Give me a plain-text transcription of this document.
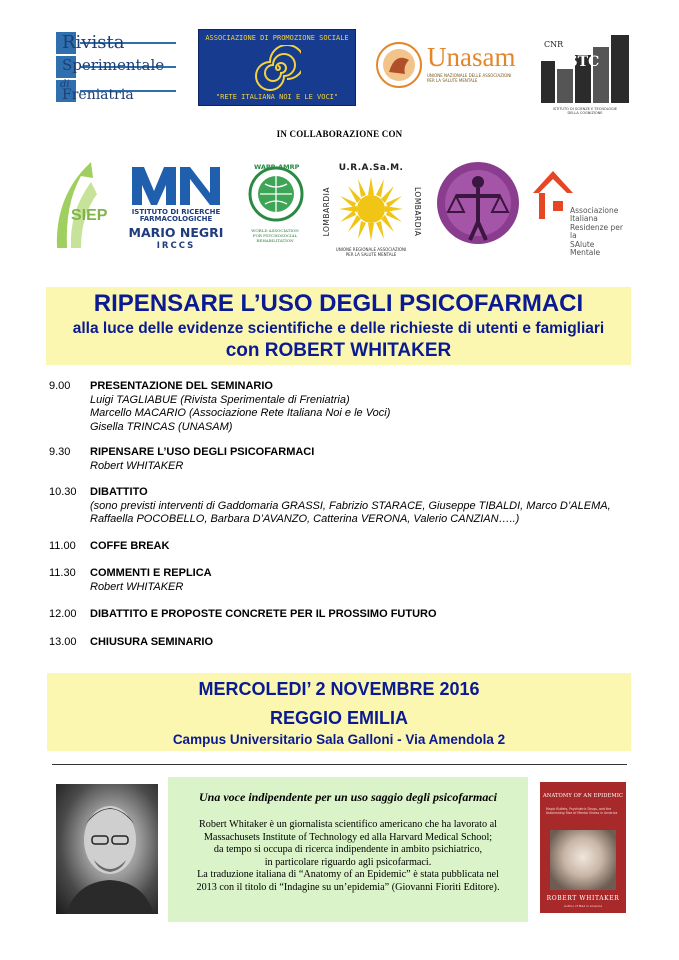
Rivista
Sperimentale
di
Freniatria
ASSOCIAZIONE DI PROMOZIONE SOCIALE
"RETE ITALIANA NOI E LE VOCI"
Unasam
UNIONE NAZIONALE DELLE ASSOCIAZIONI
PER LA SALUTE MENTALE
CNR
ISTC
ISTITUTO DI SCIENZE E TECNOLOGIE
DELLA COGNIZIONE
IN COLLABORAZIONE CON
SIEP	ISTITUTO DI RICERCHE
FARMACOLOGICHE
MARIO NEGRI
IRCCS
WAPR·AMRP
WORLD ASSOCIATION
FOR PSYCHOSOCIAL
REHABILITATION
U.R.A.Sa.M.
LOMBARDIA	LOMBARDIA
UNIONE REGIONALE ASSOCIAZIONI
PER LA SALUTE MENTALE
Associazione
Italiana
Residenze per la
SAlute
Mentale
RIPENSARE L’USO DEGLI PSICOFARMACI
alla luce delle evidenze scientifiche e delle richieste di utenti e famigliari
con ROBERT WHITAKER
9.00	PRESENTAZIONE DEL SEMINARIO
Luigi TAGLIABUE (Rivista Sperimentale di Freniatria)
Marcello MACARIO (Associazione Rete Italiana Noi e le Voci)
Gisella TRINCAS (UNASAM)
9.30	RIPENSARE L’USO DEGLI PSICOFARMACI
Robert WHITAKER
10.30	DIBATTITO
(sono previsti interventi di Gaddomaria GRASSI, Fabrizio STARACE, Giuseppe TIBALDI, Marco D’ALEMA,
Raffaella POCOBELLO, Barbara D’AVANZO, Catterina VERONA, Valerio CANZIAN…..)
11.00	COFFE BREAK
11.30	COMMENTI E REPLICA
Robert WHITAKER
12.00	DIBATTITO E PROPOSTE CONCRETE PER IL PROSSIMO FUTURO
13.00	CHIUSURA SEMINARIO
MERCOLEDI’ 2 NOVEMBRE 2016
REGGIO EMILIA
Campus Universitario Sala Galloni - Via Amendola 2
Una voce indipendente per un uso saggio degli psicofarmaci
Robert Whitaker è un giornalista scientifico americano che ha lavorato al
Massachusets Institute of Technology ed alla Harvard Medical School;
da tempo si occupa di ricerca indipendente in ambito psichiatrico,
in particolare riguardo agli psicofarmaci.
La traduzione italiana di “Anatomy of an Epidemic” è stata pubblicata nel
2013 con il titolo di “Indagine su un’epidemia” (Giovanni Fioriti Editore).
ANATOMY OF AN EPIDEMIC
Magic Bullets, Psychiatric Drugs, and the Astonishing Rise of Mental Illness in America
ROBERT WHITAKER
Author of Mad in America
